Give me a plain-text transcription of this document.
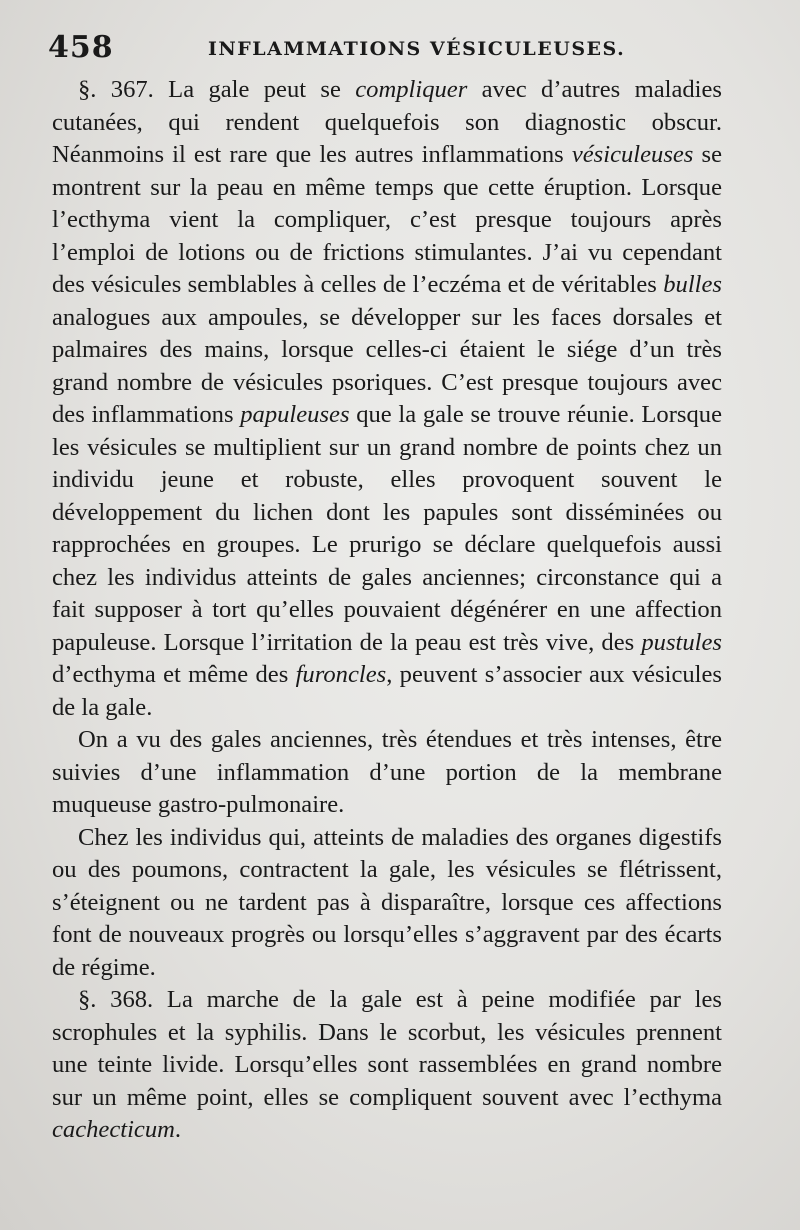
458	INFLAMMATIONS VÉSICULEUSES.

§. 367. La gale peut se compliquer avec d’autres maladies cutanées, qui rendent quelquefois son diagnostic obscur. Néanmoins il est rare que les autres inflammations vésiculeuses se montrent sur la peau en même temps que cette éruption. Lorsque l’ecthyma vient la compliquer, c’est presque toujours après l’emploi de lotions ou de frictions stimulantes. J’ai vu cependant des vésicules semblables à celles de l’eczéma et de véritables bulles analogues aux ampoules, se développer sur les faces dorsales et palmaires des mains, lorsque celles-ci étaient le siége d’un très grand nombre de vésicules psoriques. C’est presque toujours avec des inflammations papuleuses que la gale se trouve réunie. Lorsque les vésicules se multiplient sur un grand nombre de points chez un individu jeune et robuste, elles provoquent souvent le développement du lichen dont les papules sont disséminées ou rapprochées en groupes. Le prurigo se déclare quelquefois aussi chez les individus atteints de gales anciennes; circonstance qui a fait supposer à tort qu’elles pouvaient dégénérer en une affection papuleuse. Lorsque l’irritation de la peau est très vive, des pustules d’ecthyma et même des furoncles, peuvent s’associer aux vésicules de la gale.

On a vu des gales anciennes, très étendues et très intenses, être suivies d’une inflammation d’une portion de la membrane muqueuse gastro-pulmonaire.

Chez les individus qui, atteints de maladies des organes digestifs ou des poumons, contractent la gale, les vésicules se flétrissent, s’éteignent ou ne tardent pas à disparaître, lorsque ces affections font de nouveaux progrès ou lorsqu’elles s’aggravent par des écarts de régime.

§. 368. La marche de la gale est à peine modifiée par les scrophules et la syphilis. Dans le scorbut, les vésicules prennent une teinte livide. Lorsqu’elles sont rassemblées en grand nombre sur un même point, elles se compliquent souvent avec l’ecthyma cachecticum.
